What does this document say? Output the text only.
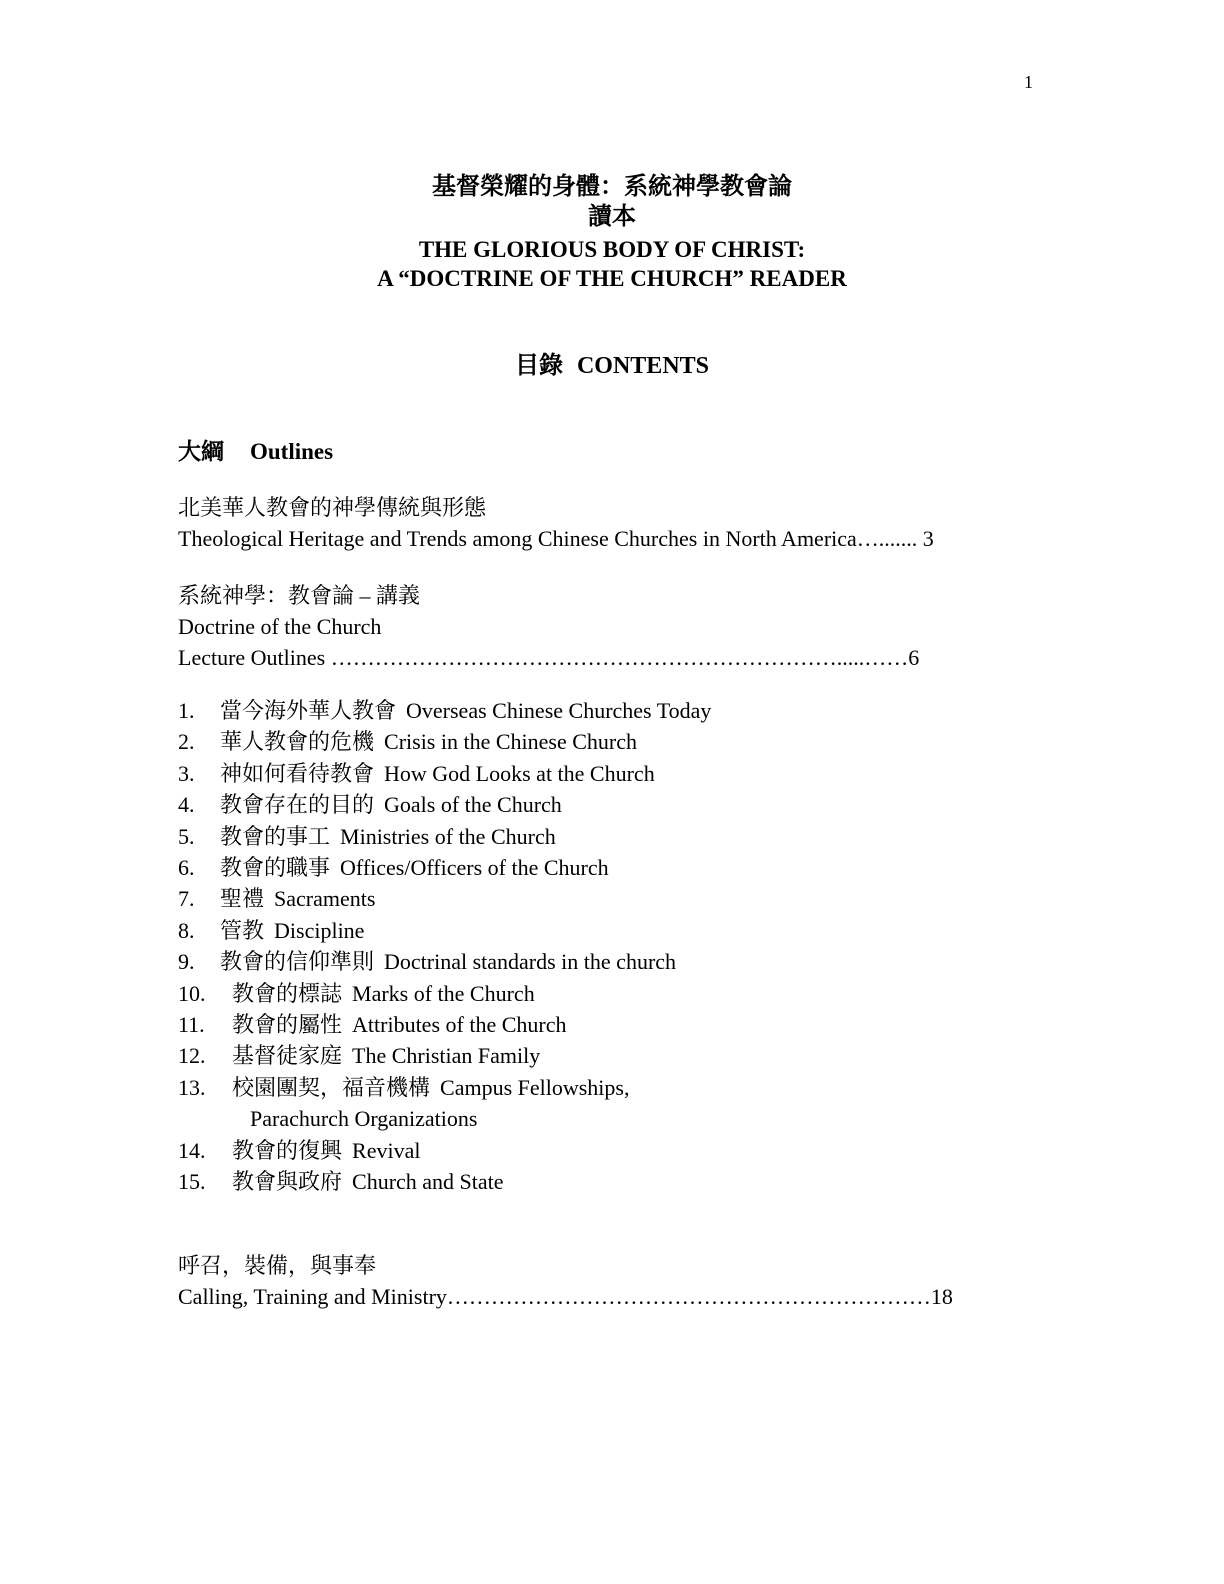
1
基督榮耀的身體：系統神學教會論
讀本
THE GLORIOUS BODY OF CHRIST:
A “DOCTRINE OF THE CHURCH” READER
目錄 CONTENTS
大綱 Outlines
北美華人教會的神學傳統與形態
Theological Heritage and Trends among Chinese Churches in North America…....... 3
系統神學：教會論 – 講義
Doctrine of the Church
Lecture Outlines …………………………………………………………….....……6
1. 當今海外華人教會 Overseas Chinese Churches Today
2. 華人教會的危機 Crisis in the Chinese Church
3. 神如何看待教會 How God Looks at the Church
4. 教會存在的目的 Goals of the Church
5. 教會的事工 Ministries of the Church
6. 教會的職事 Offices/Officers of the Church
7. 聖禮 Sacraments
8. 管教 Discipline
9. 教會的信仰準則 Doctrinal standards in the church
10. 教會的標誌 Marks of the Church
11. 教會的屬性 Attributes of the Church
12. 基督徒家庭 The Christian Family
13. 校園團契，福音機構 Campus Fellowships,
Parachurch Organizations
14. 教會的復興 Revival
15. 教會與政府 Church and State
呼召，裝備，與事奉
Calling, Training and Ministry…………………………………………………………18
